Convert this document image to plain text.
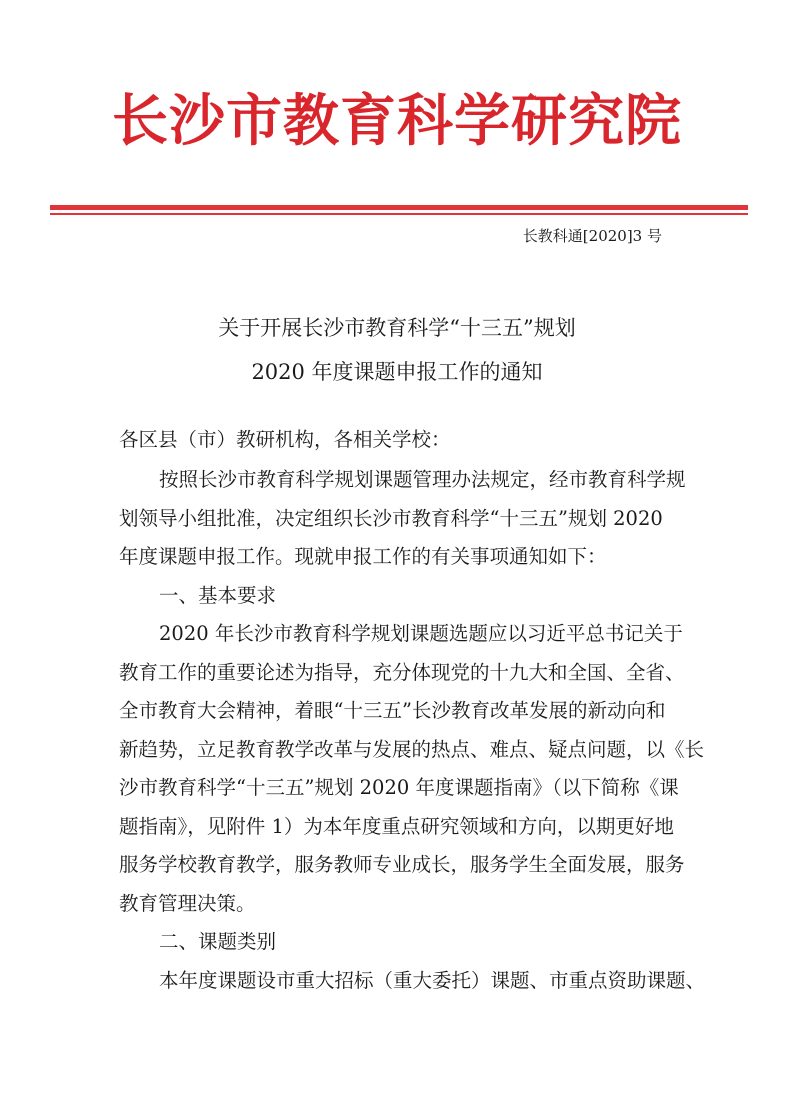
长沙市教育科学研究院
长教科通[2020]3 号
关于开展长沙市教育科学“十三五”规划
2020 年度课题申报工作的通知
各区县（市）教研机构，各相关学校：
按照长沙市教育科学规划课题管理办法规定，经市教育科学规
划领导小组批准，决定组织长沙市教育科学“十三五”规划 2020
年度课题申报工作。现就申报工作的有关事项通知如下：
一、基本要求
2020 年长沙市教育科学规划课题选题应以习近平总书记关于
教育工作的重要论述为指导，充分体现党的十九大和全国、全省、
全市教育大会精神，着眼“十三五”长沙教育改革发展的新动向和
新趋势，立足教育教学改革与发展的热点、难点、疑点问题，以《长
沙市教育科学“十三五”规划 2020 年度课题指南》（以下简称《课
题指南》，见附件 1）为本年度重点研究领域和方向，以期更好地
服务学校教育教学，服务教师专业成长，服务学生全面发展，服务
教育管理决策。
二、课题类别
本年度课题设市重大招标（重大委托）课题、市重点资助课题、
